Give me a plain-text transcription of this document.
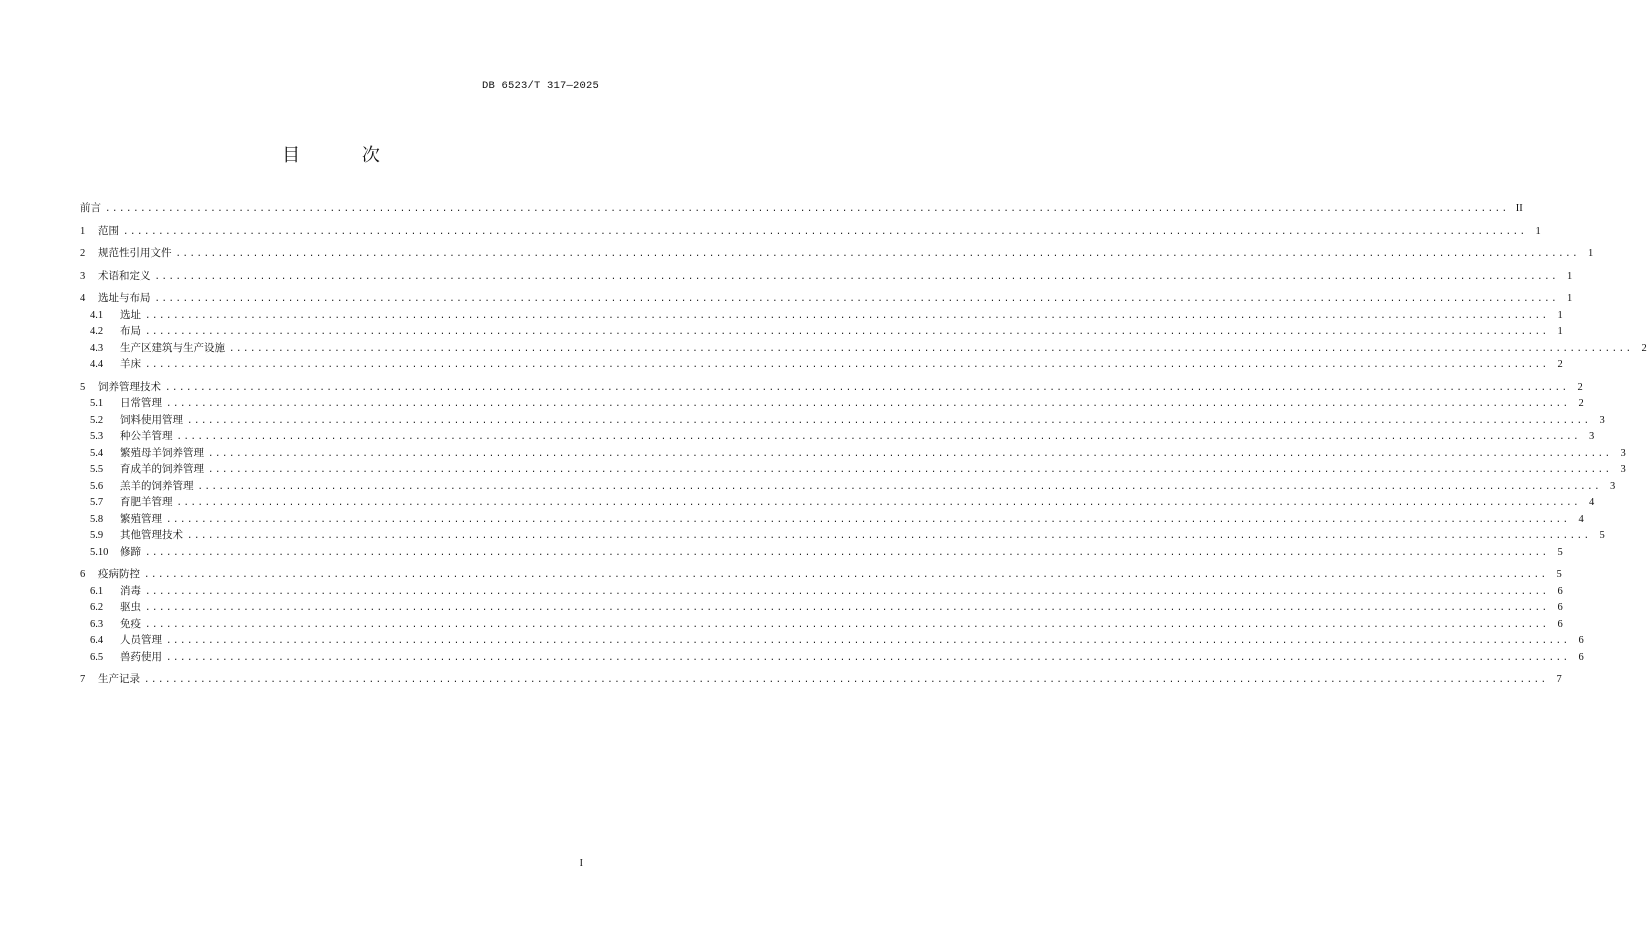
DB 6523/T 317—2025
目 次
前言 ........................................................................................................................................................................................................ II
1	范围 ........................................................................................................................................................................................................ 1
2	规范性引用文件 ........................................................................................................................................................................................................ 1
3	术语和定义 ........................................................................................................................................................................................................ 1
4	选址与布局 ........................................................................................................................................................................................................ 1
4.1	选址 ........................................................................................................................................................................................................ 1
4.2	布局 ........................................................................................................................................................................................................ 1
4.3	生产区建筑与生产设施 ........................................................................................................................................................................................................ 2
4.4	羊床 ........................................................................................................................................................................................................ 2
5	饲养管理技术 ........................................................................................................................................................................................................ 2
5.1	日常管理 ........................................................................................................................................................................................................ 2
5.2	饲料使用管理 ........................................................................................................................................................................................................ 3
5.3	种公羊管理 ........................................................................................................................................................................................................ 3
5.4	繁殖母羊饲养管理 ........................................................................................................................................................................................................ 3
5.5	育成羊的饲养管理 ........................................................................................................................................................................................................ 3
5.6	羔羊的饲养管理 ........................................................................................................................................................................................................ 3
5.7	育肥羊管理 ........................................................................................................................................................................................................ 4
5.8	繁殖管理 ........................................................................................................................................................................................................ 4
5.9	其他管理技术 ........................................................................................................................................................................................................ 5
5.10	修蹄 ........................................................................................................................................................................................................ 5
6	疫病防控 ........................................................................................................................................................................................................ 5
6.1	消毒 ........................................................................................................................................................................................................ 6
6.2	驱虫 ........................................................................................................................................................................................................ 6
6.3	免疫 ........................................................................................................................................................................................................ 6
6.4	人员管理 ........................................................................................................................................................................................................ 6
6.5	兽药使用 ........................................................................................................................................................................................................ 6
7	生产记录 ........................................................................................................................................................................................................ 7
I
